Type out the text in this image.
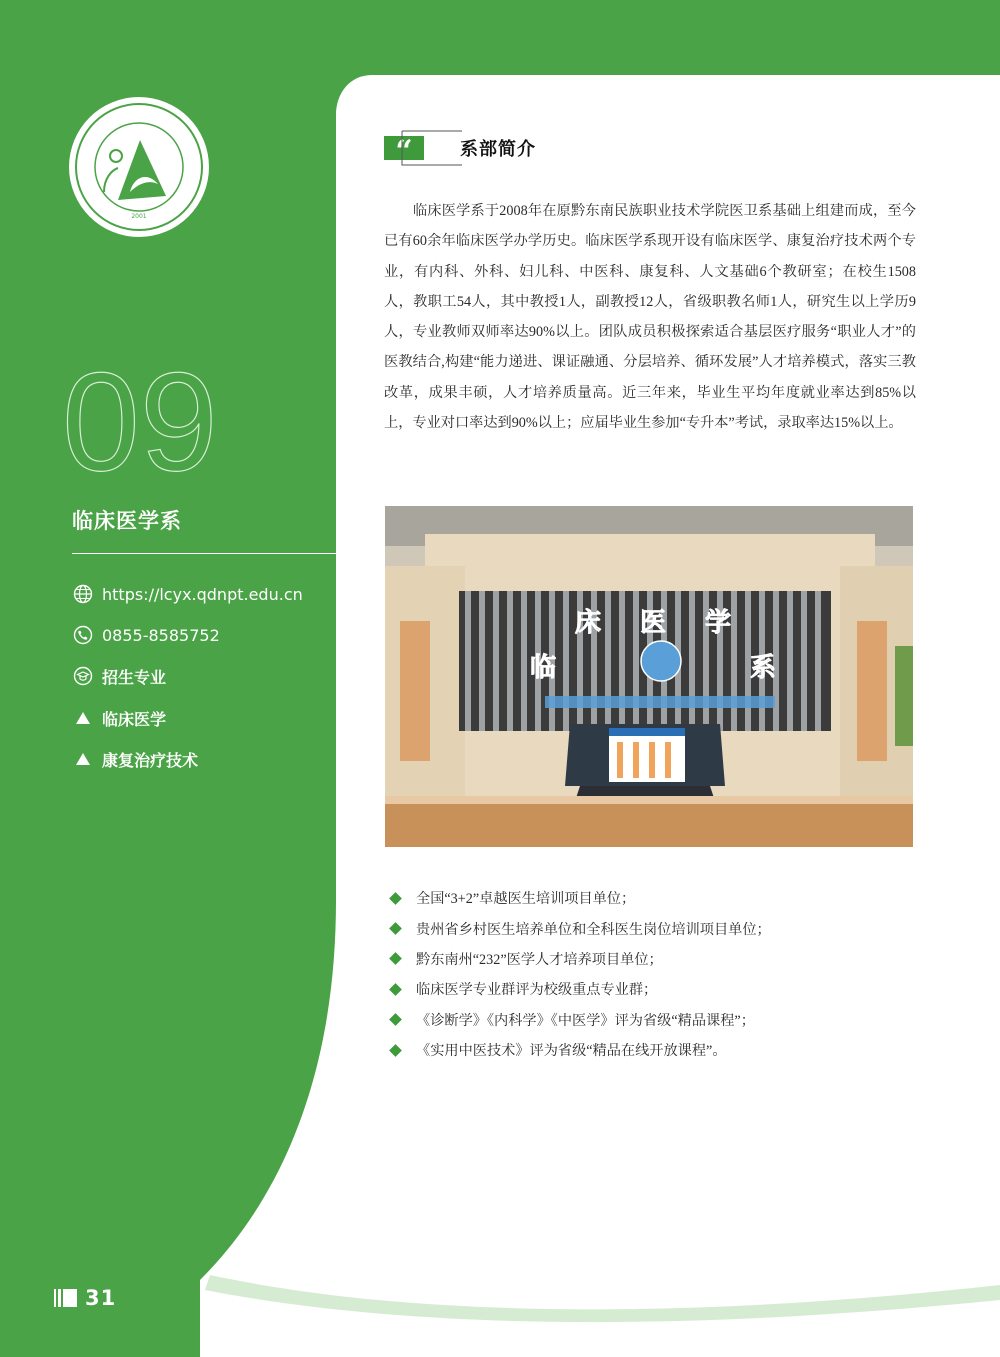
2001
09
临床医学系
https://lcyx.qdnpt.edu.cn
0855-8585752
招生专业
临床医学
康复治疗技术
“	系部简介

临床医学系于2008年在原黔东南民族职业技术学院医卫系基础上组建而成，至今已有60余年临床医学办学历史。临床医学系现开设有临床医学、康复治疗技术两个专业，有内科、外科、妇儿科、中医科、康复科、人文基础6个教研室；在校生1508人，教职工54人，其中教授1人，副教授12人，省级职教名师1人，研究生以上学历9人，专业教师双师率达90%以上。团队成员积极探索适合基层医疗服务“职业人才”的医教结合,构建“能力递进、课证融通、分层培养、循环发展”人才培养模式，落实三教改革，成果丰硕，人才培养质量高。近三年来，毕业生平均年度就业率达到85%以上，专业对口率达到90%以上；应届毕业生参加“专升本”考试，录取率达15%以上。

床 医 学
临	系
全国“3+2”卓越医生培训项目单位；
贵州省乡村医生培养单位和全科医生岗位培训项目单位；
黔东南州“232”医学人才培养项目单位；
临床医学专业群评为校级重点专业群；
《诊断学》《内科学》《中医学》评为省级“精品课程”；
《实用中医技术》评为省级“精品在线开放课程”。
31
